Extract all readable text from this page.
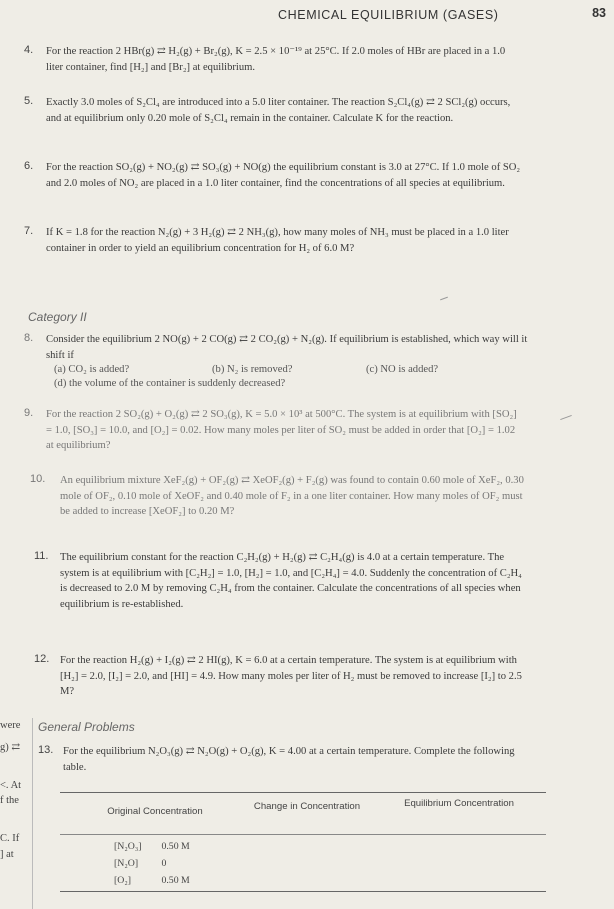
CHEMICAL EQUILIBRIUM (GASES)	83
4.	For the reaction 2 HBr(g) ⇄ H₂(g) + Br₂(g), K = 2.5 × 10⁻¹⁹ at 25°C. If 2.0 moles of HBr are placed in a 1.0 liter container, find [H₂] and [Br₂] at equilibrium.
5.	Exactly 3.0 moles of S₂Cl₄ are introduced into a 5.0 liter container. The reaction S₂Cl₄(g) ⇄ 2 SCl₂(g) occurs, and at equilibrium only 0.20 mole of S₂Cl₄ remain in the container. Calculate K for the reaction.
6.	For the reaction SO₂(g) + NO₂(g) ⇄ SO₃(g) + NO(g) the equilibrium constant is 3.0 at 27°C. If 1.0 mole of SO₂ and 2.0 moles of NO₂ are placed in a 1.0 liter container, find the concentrations of all species at equilibrium.
7.	If K = 1.8 for the reaction N₂(g) + 3 H₂(g) ⇄ 2 NH₃(g), how many moles of NH₃ must be placed in a 1.0 liter container in order to yield an equilibrium concentration for H₂ of 6.0 M?
Category II
8.	Consider the equilibrium 2 NO(g) + 2 CO(g) ⇄ 2 CO₂(g) + N₂(g). If equilibrium is established, which way will it shift if
(a) CO₂ is added?	(b) N₂ is removed?	(c) NO is added?
(d) the volume of the container is suddenly decreased?
9.	For the reaction 2 SO₂(g) + O₂(g) ⇄ 2 SO₃(g), K = 5.0 × 10³ at 500°C. The system is at equilibrium with [SO₂] = 1.0, [SO₃] = 10.0, and [O₂] = 0.02. How many moles per liter of SO₂ must be added in order that [O₂] = 1.02 at equilibrium?
10.	An equilibrium mixture XeF₂(g) + OF₂(g) ⇄ XeOF₂(g) + F₂(g) was found to contain 0.60 mole of XeF₂, 0.30 mole of OF₂, 0.10 mole of XeOF₂ and 0.40 mole of F₂ in a one liter container. How many moles of OF₂ must be added to increase [XeOF₂] to 0.20 M?
11.	The equilibrium constant for the reaction C₂H₂(g) + H₂(g) ⇄ C₂H₄(g) is 4.0 at a certain temperature. The system is at equilibrium with [C₂H₂] = 1.0, [H₂] = 1.0, and [C₂H₄] = 4.0. Suddenly the concentration of C₂H₄ is decreased to 2.0 M by removing C₂H₄ from the container. Calculate the concentrations of all species when equilibrium is re-established.
12.	For the reaction H₂(g) + I₂(g) ⇄ 2 HI(g), K = 6.0 at a certain temperature. The system is at equilibrium with [H₂] = 2.0, [I₂] = 2.0, and [HI] = 4.9. How many moles per liter of H₂ must be removed to increase [I₂] to 2.5 M?
General Problems
13. For the equilibrium N₂O₃(g) ⇄ N₂O(g) + O₂(g), K = 4.00 at a certain temperature. Complete the following table.
Original Concentration	Change in Concentration	Equilibrium Concentration
[N₂O₃] 0.50 M
[N₂O] 0
[O₂]	0.50 M
were
g) ⇄
<. At
f the
C. If
] at
